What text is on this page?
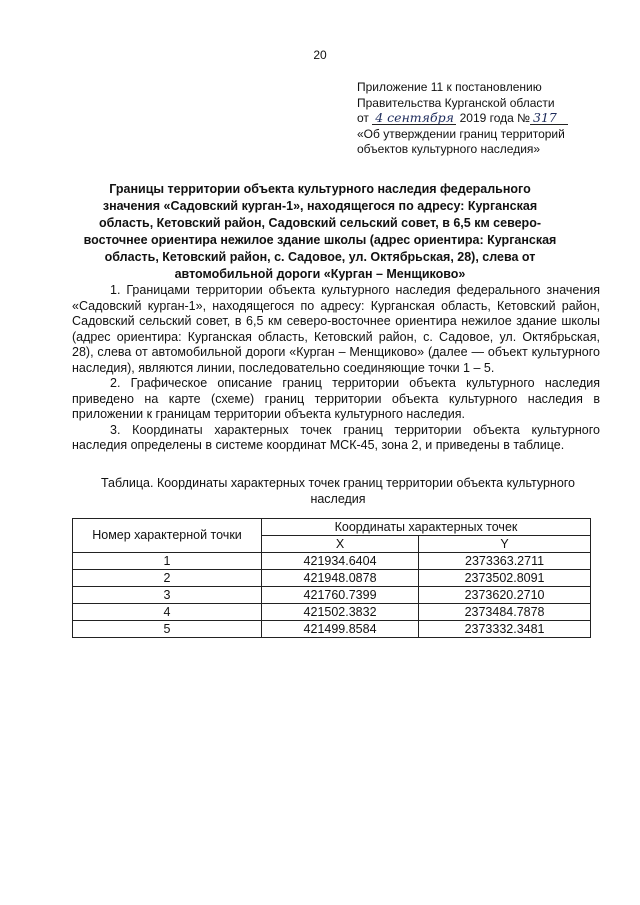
20
Приложение 11 к постановлению
Правительства Курганской области
от 4 сентября 2019 года № 317
«Об утверждении границ территорий
объектов культурного наследия»
Границы территории объекта культурного наследия федерального значения «Садовский курган-1», находящегося по адресу: Курганская область, Кетовский район, Садовский сельский совет, в 6,5 км северо-восточнее ориентира нежилое здание школы (адрес ориентира: Курганская область, Кетовский район, с. Садовое, ул. Октябрьская, 28), слева от автомобильной дороги «Курган – Менщиково»

1. Границами территории объекта культурного наследия федерального значения «Садовский курган-1», находящегося по адресу: Курганская область, Кетовский район, Садовский сельский совет, в 6,5 км северо-восточнее ориентира нежилое здание школы (адрес ориентира: Курганская область, Кетовский район, с. Садовое, ул. Октябрьская, 28), слева от автомобильной дороги «Курган – Менщиково» (далее — объект культурного наследия), являются линии, последовательно соединяющие точки 1 – 5.

2. Графическое описание границ территории объекта культурного наследия приведено на карте (схеме) границ территории объекта культурного наследия в приложении к границам территории объекта культурного наследия.

3. Координаты характерных точек границ территории объекта культурного наследия определены в системе координат МСК-45, зона 2, и приведены в таблице.

Таблица. Координаты характерных точек границ территории объекта культурного наследия
Номер характерной точки	Координаты характерных точек	
	X	Y
1	421934.6404	2373363.2711
2	421948.0878	2373502.8091
3	421760.7399	2373620.2710
4	421502.3832	2373484.7878
5	421499.8584	2373332.3481
